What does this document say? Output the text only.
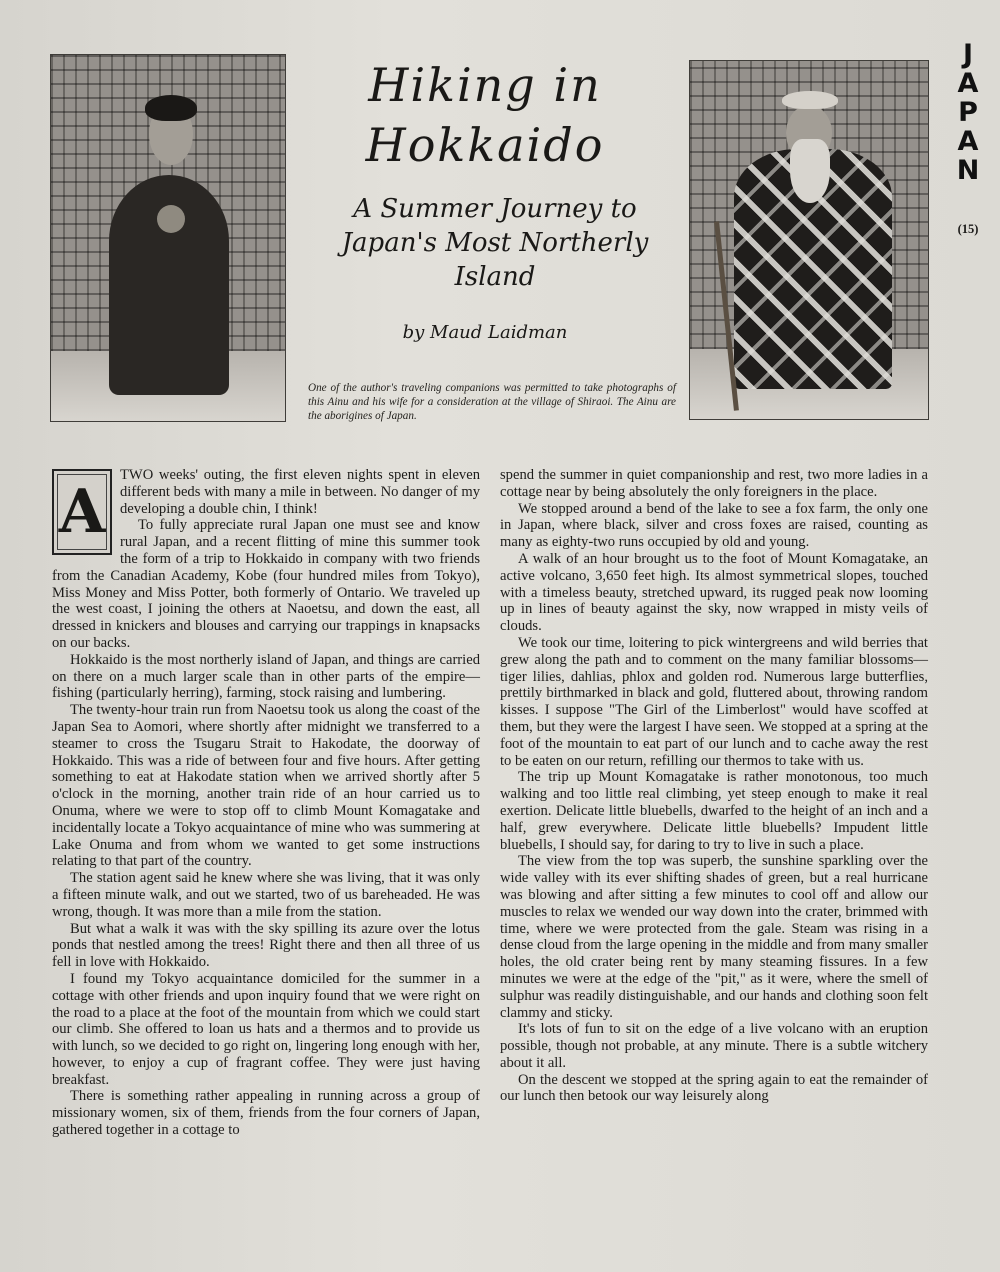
Hiking in
Hokkaido
A Summer Journey to Japan's Most Northerly Island
by Maud Laidman

One of the author's traveling companions was permitted to take photographs of this Ainu and his wife for a consideration at the village of Shiraoi. The Ainu are the aborigines of Japan.

J
A
P
A
N
(15)
A

TWO weeks' outing, the first eleven nights spent in eleven different beds with many a mile in between. No danger of my developing a double chin, I think!

To fully appreciate rural Japan one must see and know rural Japan, and a recent flitting of mine this summer took the form of a trip to Hokkaido in company with two friends from the Canadian Academy, Kobe (four hundred miles from Tokyo), Miss Money and Miss Potter, both formerly of Ontario. We traveled up the west coast, I joining the others at Naoetsu, and down the east, all dressed in knickers and blouses and carrying our trappings in knapsacks on our backs.

Hokkaido is the most northerly island of Japan, and things are carried on there on a much larger scale than in other parts of the empire—fishing (particularly herring), farming, stock raising and lumbering.

The twenty-hour train run from Naoetsu took us along the coast of the Japan Sea to Aomori, where shortly after midnight we transferred to a steamer to cross the Tsugaru Strait to Hakodate, the doorway of Hokkaido. This was a ride of between four and five hours. After getting something to eat at Hakodate station when we arrived shortly after 5 o'clock in the morning, another train ride of an hour carried us to Onuma, where we were to stop off to climb Mount Komagatake and incidentally locate a Tokyo acquaintance of mine who was summering at Lake Onuma and from whom we wanted to get some instructions relating to that part of the country.

The station agent said he knew where she was living, that it was only a fifteen minute walk, and out we started, two of us bareheaded. He was wrong, though. It was more than a mile from the station.

But what a walk it was with the sky spilling its azure over the lotus ponds that nestled among the trees! Right there and then all three of us fell in love with Hokkaido.

I found my Tokyo acquaintance domiciled for the summer in a cottage with other friends and upon inquiry found that we were right on the road to a place at the foot of the mountain from which we could start our climb. She offered to loan us hats and a thermos and to provide us with lunch, so we decided to go right on, lingering long enough with her, however, to enjoy a cup of fragrant coffee. They were just having breakfast.

There is something rather appealing in running across a group of missionary women, six of them, friends from the four corners of Japan, gathered together in a cottage to

spend the summer in quiet companionship and rest, two more ladies in a cottage near by being absolutely the only foreigners in the place.

We stopped around a bend of the lake to see a fox farm, the only one in Japan, where black, silver and cross foxes are raised, counting as many as eighty-two runs occupied by old and young.

A walk of an hour brought us to the foot of Mount Komagatake, an active volcano, 3,650 feet high. Its almost symmetrical slopes, touched with a timeless beauty, stretched upward, its rugged peak now looming up in lines of beauty against the sky, now wrapped in misty veils of clouds.

We took our time, loitering to pick wintergreens and wild berries that grew along the path and to comment on the many familiar blossoms—tiger lilies, dahlias, phlox and golden rod. Numerous large butterflies, prettily birthmarked in black and gold, fluttered about, throwing random kisses. I suppose "The Girl of the Limberlost" would have scoffed at them, but they were the largest I have seen. We stopped at a spring at the foot of the mountain to eat part of our lunch and to cache away the rest to be eaten on our return, refilling our thermos to take with us.

The trip up Mount Komagatake is rather monotonous, too much walking and too little real climbing, yet steep enough to make it real exertion. Delicate little bluebells, dwarfed to the height of an inch and a half, grew everywhere. Delicate little bluebells? Impudent little bluebells, I should say, for daring to try to live in such a place.

The view from the top was superb, the sunshine sparkling over the wide valley with its ever shifting shades of green, but a real hurricane was blowing and after sitting a few minutes to cool off and allow our muscles to relax we wended our way down into the crater, brimmed with time, where we were protected from the gale. Steam was rising in a dense cloud from the large opening in the middle and from many smaller holes, the old crater being rent by many steaming fissures. In a few minutes we were at the edge of the "pit," as it were, where the smell of sulphur was readily distinguishable, and our hands and clothing soon felt clammy and sticky.

It's lots of fun to sit on the edge of a live volcano with an eruption possible, though not probable, at any minute. There is a subtle witchery about it all.

On the descent we stopped at the spring again to eat the remainder of our lunch then betook our way leisurely along
